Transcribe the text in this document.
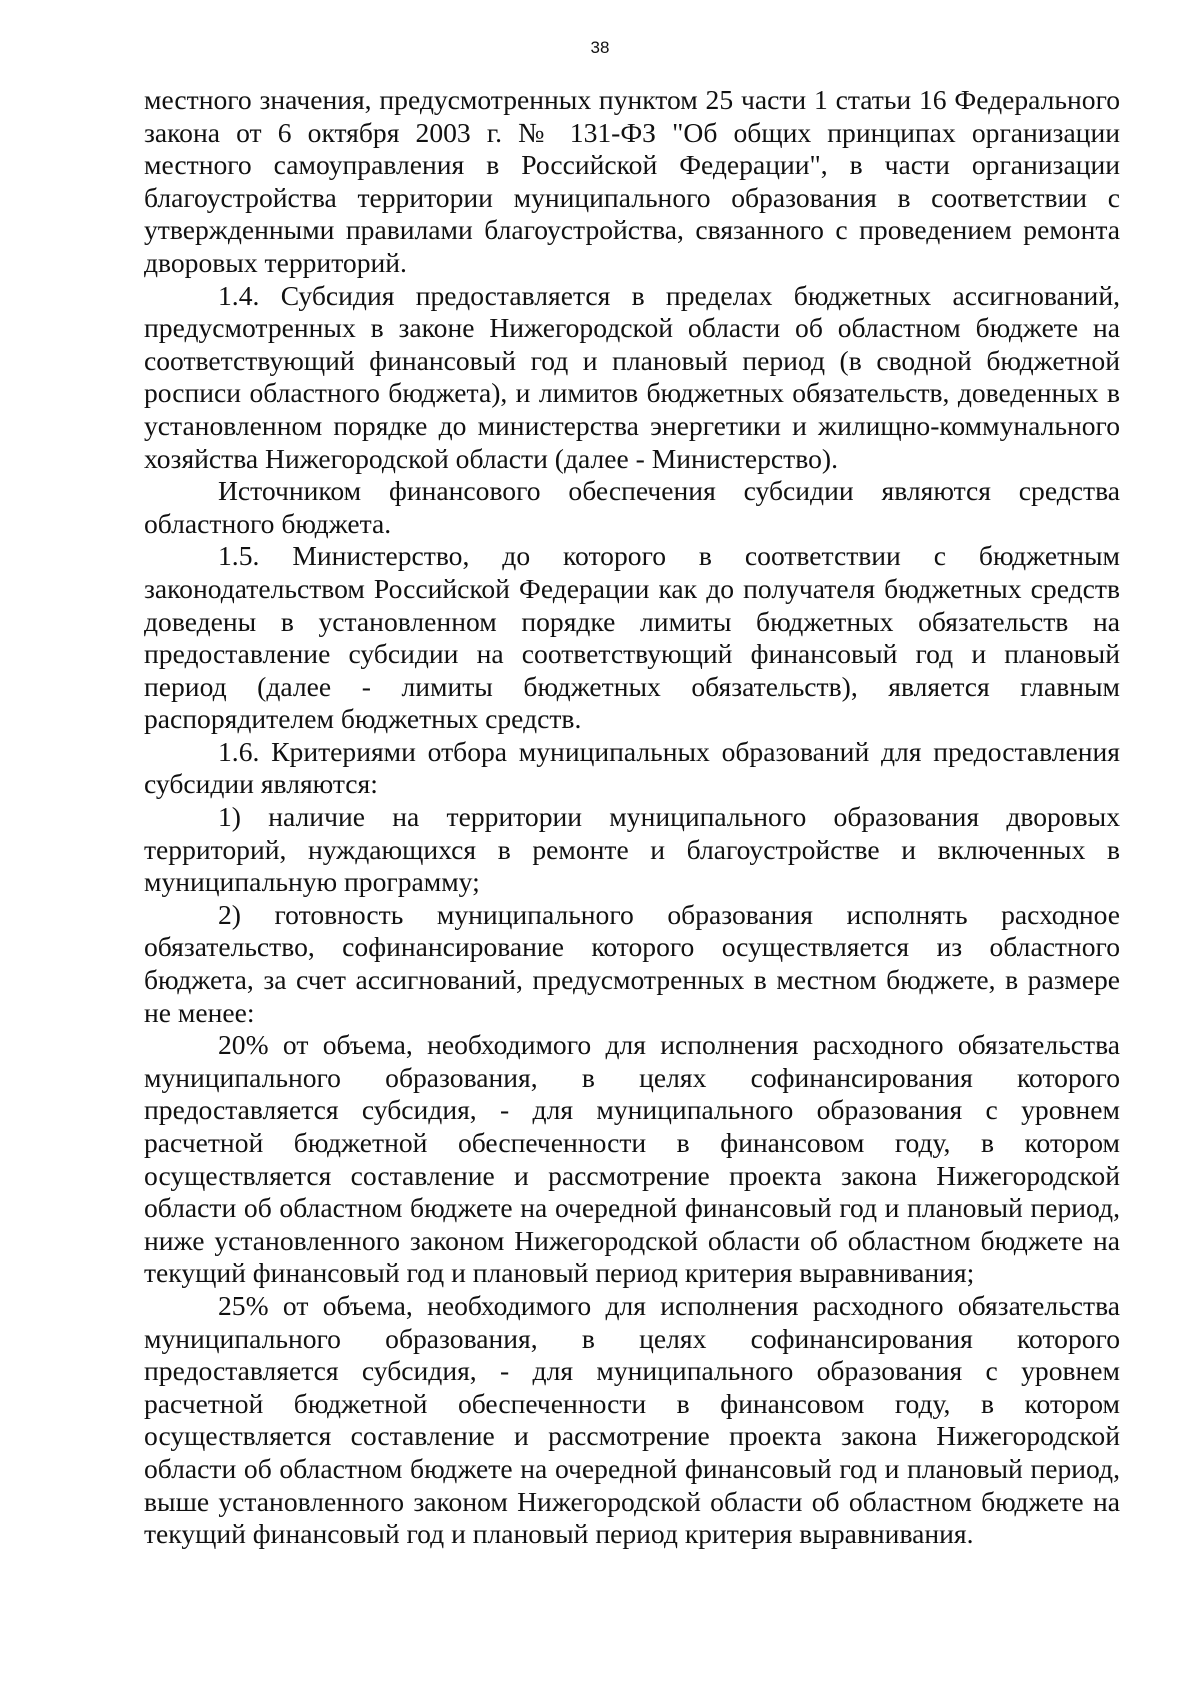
38

местного значения, предусмотренных пунктом 25 части 1 статьи 16 Федерального закона от 6 октября 2003 г. № 131-ФЗ "Об общих принципах организации местного самоуправления в Российской Федерации", в части организации благоустройства территории муниципального образования в соответствии с утвержденными правилами благоустройства, связанного с проведением ремонта дворовых территорий.

1.4. Субсидия предоставляется в пределах бюджетных ассигнований, предусмотренных в законе Нижегородской области об областном бюджете на соответствующий финансовый год и плановый период (в сводной бюджетной росписи областного бюджета), и лимитов бюджетных обязательств, доведенных в установленном порядке до министерства энергетики и жилищно-коммунального хозяйства Нижегородской области (далее - Министерство).

Источником финансового обеспечения субсидии являются средства областного бюджета.

1.5. Министерство, до которого в соответствии с бюджетным законодательством Российской Федерации как до получателя бюджетных средств доведены в установленном порядке лимиты бюджетных обязательств на предоставление субсидии на соответствующий финансовый год и плановый период (далее - лимиты бюджетных обязательств), является главным распорядителем бюджетных средств.

1.6. Критериями отбора муниципальных образований для предоставления субсидии являются:

1) наличие на территории муниципального образования дворовых территорий, нуждающихся в ремонте и благоустройстве и включенных в муниципальную программу;

2) готовность муниципального образования исполнять расходное обязательство, софинансирование которого осуществляется из областного бюджета, за счет ассигнований, предусмотренных в местном бюджете, в размере не менее:

20% от объема, необходимого для исполнения расходного обязательства муниципального образования, в целях софинансирования которого предоставляется субсидия, - для муниципального образования с уровнем расчетной бюджетной обеспеченности в финансовом году, в котором осуществляется составление и рассмотрение проекта закона Нижегородской области об областном бюджете на очередной финансовый год и плановый период, ниже установленного законом Нижегородской области об областном бюджете на текущий финансовый год и плановый период критерия выравнивания;

25% от объема, необходимого для исполнения расходного обязательства муниципального образования, в целях софинансирования которого предоставляется субсидия, - для муниципального образования с уровнем расчетной бюджетной обеспеченности в финансовом году, в котором осуществляется составление и рассмотрение проекта закона Нижегородской области об областном бюджете на очередной финансовый год и плановый период, выше установленного законом Нижегородской области об областном бюджете на текущий финансовый год и плановый период критерия выравнивания.
